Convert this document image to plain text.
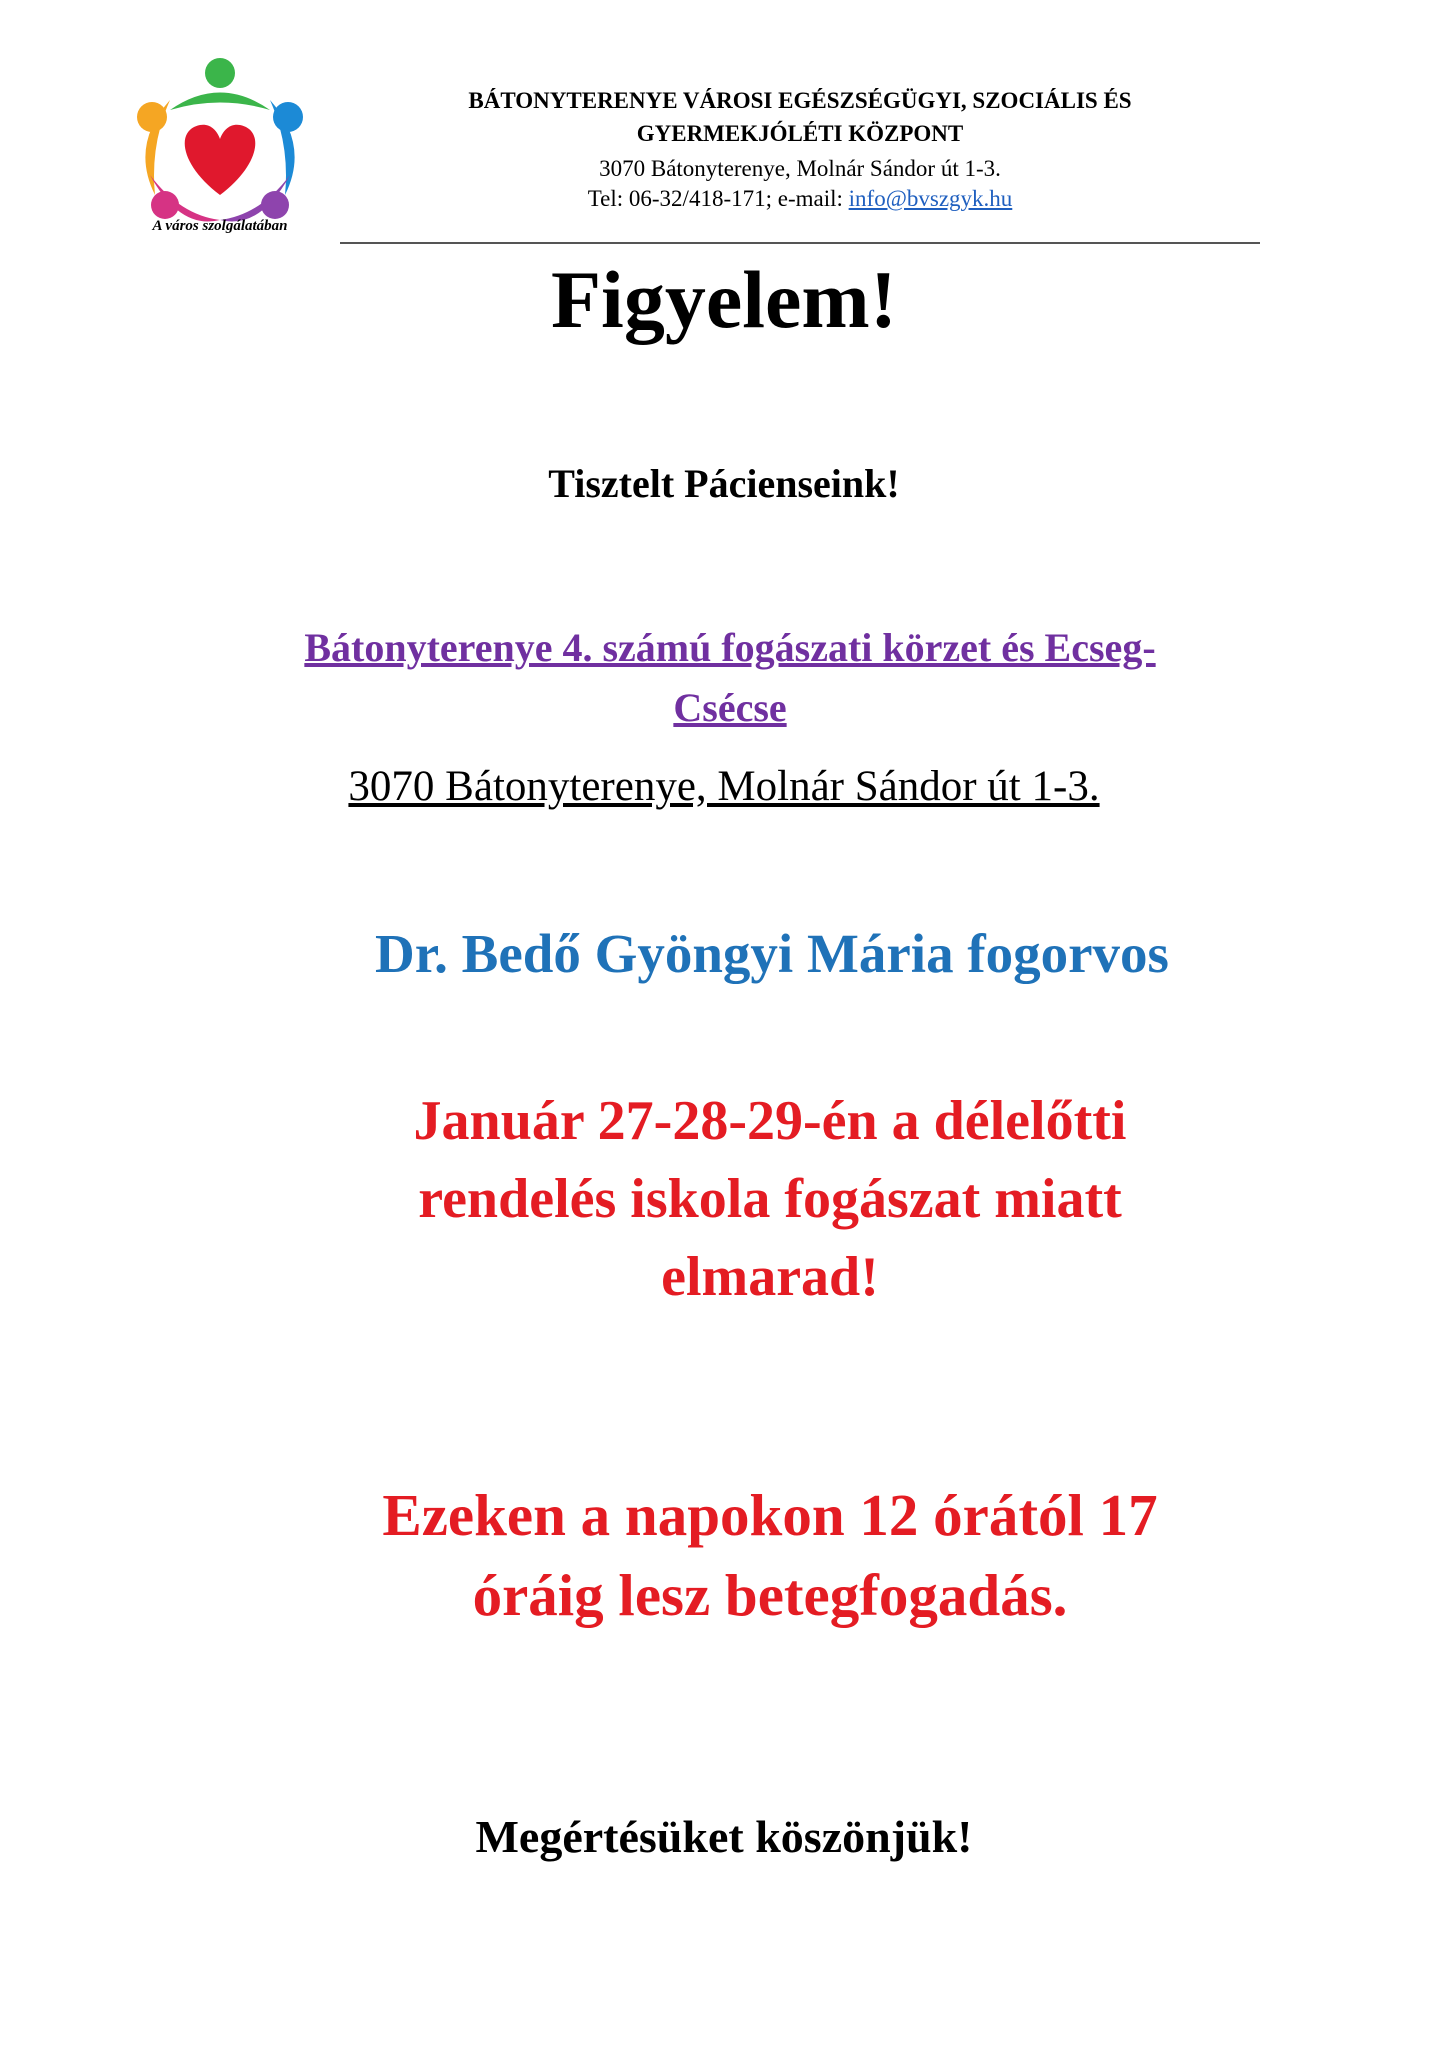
A város szolgálatában
BÁTONYTERENYE VÁROSI EGÉSZSÉGÜGYI, SZOCIÁLIS ÉS
GYERMEKJÓLÉTI KÖZPONT
3070 Bátonyterenye, Molnár Sándor út 1-3.
Tel: 06-32/418-171; e-mail: info@bvszgyk.hu
Figyelem!
Tisztelt Pácienseink!
Bátonyterenye 4. számú fogászati körzet és Ecseg-
Csécse
3070 Bátonyterenye, Molnár Sándor út 1-3.
Dr. Bedő Gyöngyi Mária fogorvos
Január 27-28-29-én a délelőtti
rendelés iskola fogászat miatt
elmarad!
Ezeken a napokon 12 órától 17
óráig lesz betegfogadás.
Megértésüket köszönjük!
